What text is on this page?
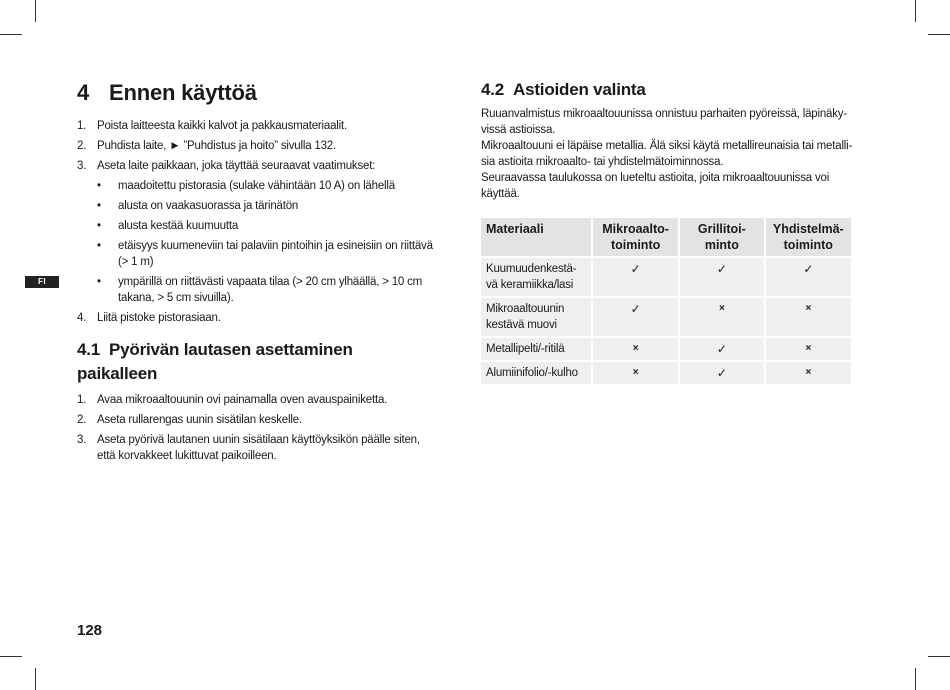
FI
4 Ennen käyttöä
1. Poista laitteesta kaikki kalvot ja pakkausmateriaalit.
2. Puhdista laite, ► ”Puhdistus ja hoito” sivulla 132.
3. Aseta laite paikkaan, joka täyttää seuraavat vaatimukset:
• maadoitettu pistorasia (sulake vähintään 10 A) on lähellä
• alusta on vaakasuorassa ja tärinätön
• alusta kestää kuumuutta
• etäisyys kuumeneviin tai palaviin pintoihin ja esineisiin on riittävä (> 1 m)
• ympärillä on riittävästi vapaata tilaa (> 20 cm ylhäällä, > 10 cm takana, > 5 cm sivuilla).
4. Liitä pistoke pistorasiaan.
4.1 Pyörivän lautasen asettaminen paikalleen
1. Avaa mikroaaltouunin ovi painamalla oven avauspainiketta.
2. Aseta rullarengas uunin sisätilan keskelle.
3. Aseta pyörivä lautanen uunin sisätilaan käyttöyksikön päälle siten, että korvakkeet lukittuvat paikoilleen.
4.2 Astioiden valinta

Ruuanvalmistus mikroaaltouunissa onnistuu parhaiten pyöreissä, läpinäkyvissä astioissa.

Mikroaaltouuni ei läpäise metallia. Älä siksi käytä metallireunaisia tai metallisia astioita mikroaalto- tai yhdistelmätoiminnossa.

Seuraavassa taulukossa on lueteltu astioita, joita mikroaaltouunissa voi käyttää.

Materiaali	Mikroaalto-toiminto	Grillitoi-minto	Yhdistelmä-toiminto
Kuumuudenkestä-vä keramiikka/lasi	✓	✓	✓
Mikroaaltouunin kestävä muovi	✓	×	×
Metallipelti/-ritilä	×	✓	×
Alumiinifolio/-kulho	×	✓	×
128
